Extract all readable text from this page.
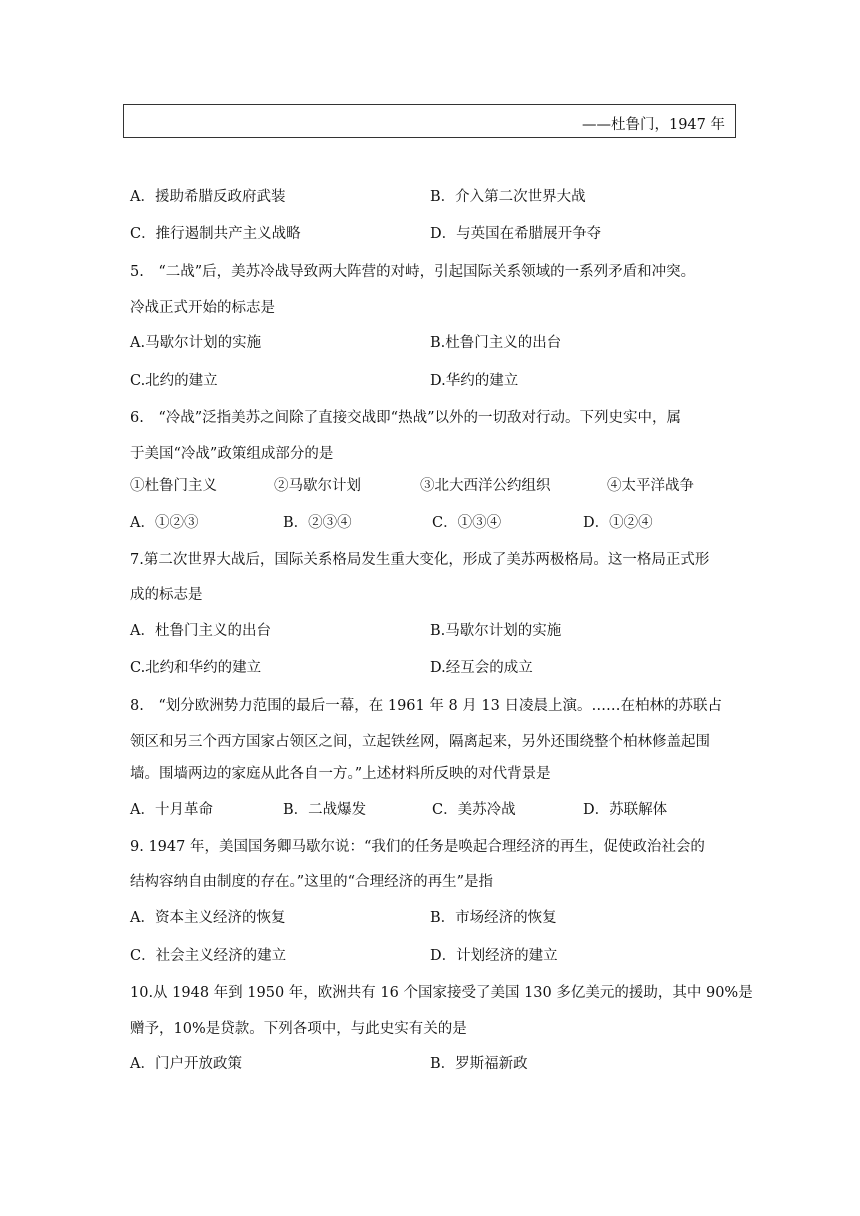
——杜鲁门，1947 年
A．援助希腊反政府武装	B．介入第二次世界大战
C．推行遏制共产主义战略	D．与英国在希腊展开争夺
5.　“二战”后，美苏冷战导致两大阵营的对峙，引起国际关系领域的一系列矛盾和冲突。
冷战正式开始的标志是
A.马歇尔计划的实施	B.杜鲁门主义的出台
C.北约的建立	D.华约的建立
6.　“冷战”泛指美苏之间除了直接交战即“热战”以外的一切敌对行动。下列史实中，属
于美国“冷战”政策组成部分的是
①杜鲁门主义	②马歇尔计划	③北大西洋公约组织	④太平洋战争
A．①②③	B．②③④	C．①③④	D．①②④
7.第二次世界大战后，国际关系格局发生重大变化，形成了美苏两极格局。这一格局正式形
成的标志是
A．杜鲁门主义的出台	B.马歇尔计划的实施
C.北约和华约的建立	D.经互会的成立
8.　“划分欧洲势力范围的最后一幕，在 1961 年 8 月 13 日凌晨上演。……在柏林的苏联占
领区和另三个西方国家占领区之间，立起铁丝网，隔离起来，另外还围绕整个柏林修盖起围
墙。围墙两边的家庭从此各自一方。”上述材料所反映的对代背景是
A．十月革命	B．二战爆发	C．美苏冷战	D．苏联解体
9. 1947 年，美国国务卿马歇尔说：“我们的任务是唤起合理经济的再生，促使政治社会的
结构容纳自由制度的存在。”这里的“合理经济的再生”是指
A．资本主义经济的恢复	B．市场经济的恢复
C．社会主义经济的建立	D．计划经济的建立
10.从 1948 年到 1950 年，欧洲共有 16 个国家接受了美国 130 多亿美元的援助，其中 90%是
赠予，10%是贷款。下列各项中，与此史实有关的是
A．门户开放政策	B．罗斯福新政
